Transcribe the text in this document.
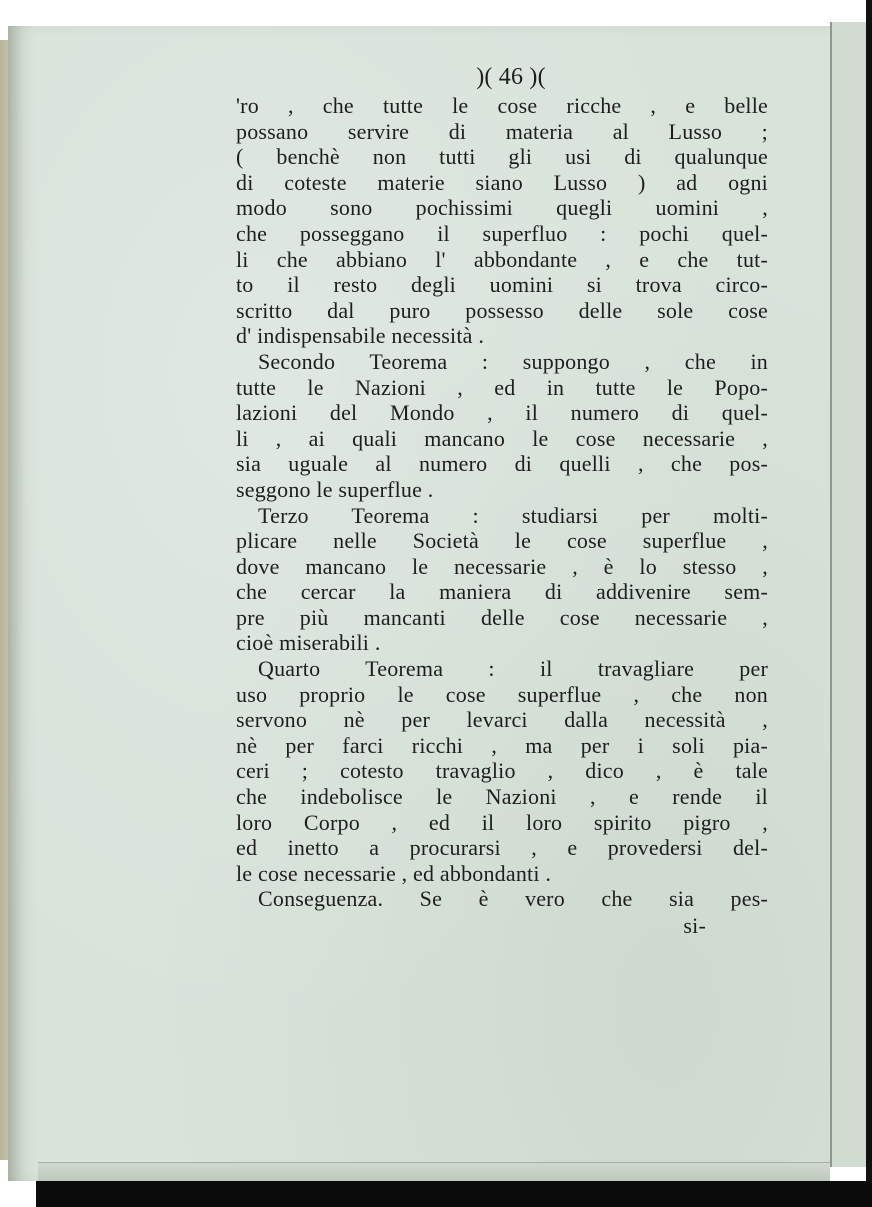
)( 46 )(
'ro , che tutte le cose ricche , e belle
possano servire di materia al Lusso ;
( benchè non tutti gli usi di qualunque
di coteste materie siano Lusso ) ad ogni
modo sono pochissimi quegli uomini ,
che posseggano il superfluo : pochi quel-
li che abbiano l' abbondante , e che tut-
to il resto degli uomini si trova circo-
scritto dal puro possesso delle sole cose
d' indispensabile necessità .
Secondo Teorema : suppongo , che in
tutte le Nazioni , ed in tutte le Popo-
lazioni del Mondo , il numero di quel-
li , ai quali mancano le cose necessarie ,
sia uguale al numero di quelli , che pos-
seggono le superflue .
Terzo Teorema : studiarsi per molti-
plicare nelle Società le cose superflue ,
dove mancano le necessarie , è lo stesso ,
che cercar la maniera di addivenire sem-
pre più mancanti delle cose necessarie ,
cioè miserabili .
Quarto Teorema : il travagliare per
uso proprio le cose superflue , che non
servono nè per levarci dalla necessità ,
nè per farci ricchi , ma per i soli pia-
ceri ; cotesto travaglio , dico , è tale
che indebolisce le Nazioni , e rende il
loro Corpo , ed il loro spirito pigro ,
ed inetto a procurarsi , e provedersi del-
le cose necessarie , ed abbondanti .
Conseguenza. Se è vero che sia pes-
si-
